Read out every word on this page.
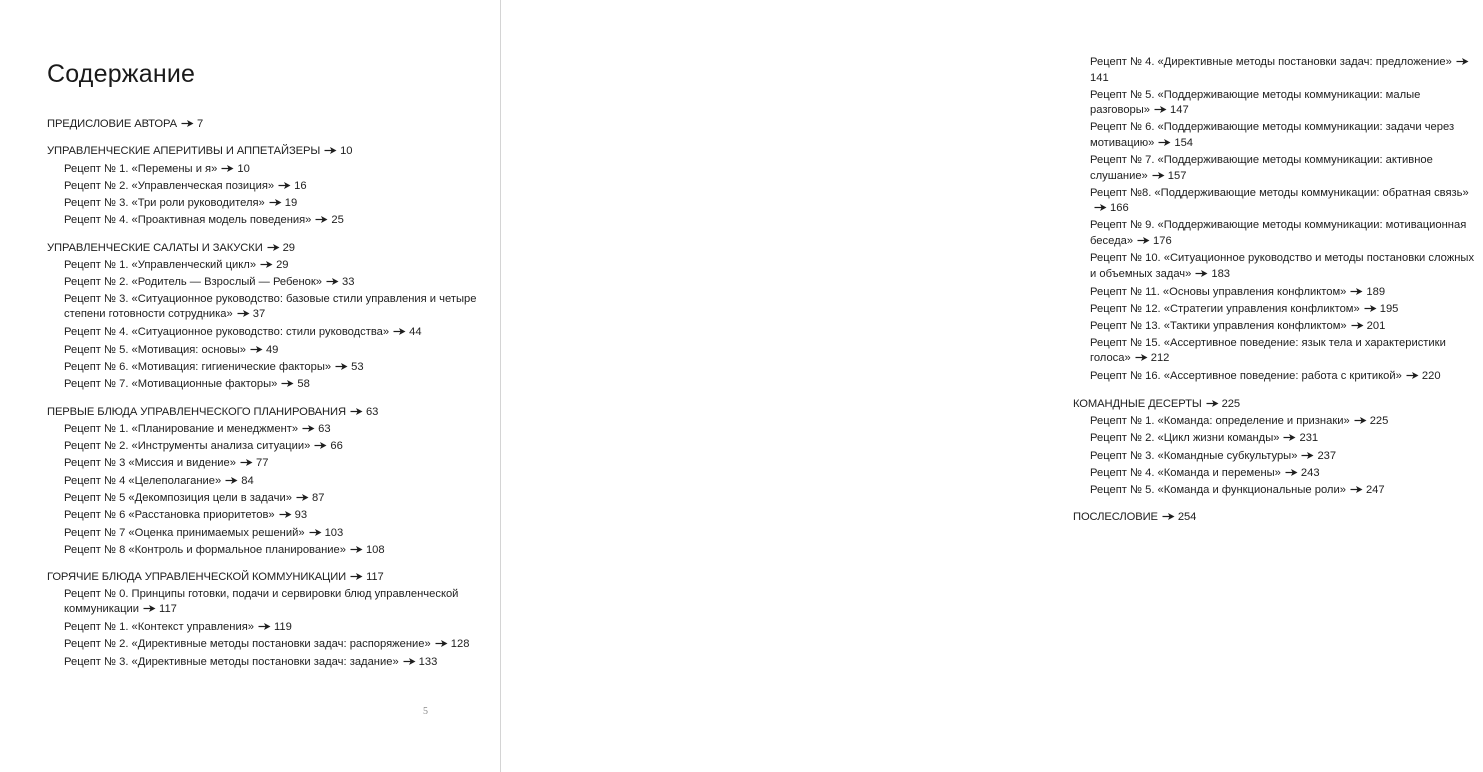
Содержание
ПРЕДИСЛОВИЕ АВТОРА 7
УПРАВЛЕНЧЕСКИЕ АПЕРИТИВЫ И АППЕТАЙЗЕРЫ 10
Рецепт № 1. «Перемены и я» 10
Рецепт № 2. «Управленческая позиция» 16
Рецепт № 3. «Три роли руководителя» 19
Рецепт № 4. «Проактивная модель поведения» 25
УПРАВЛЕНЧЕСКИЕ САЛАТЫ И ЗАКУСКИ 29
Рецепт № 1. «Управленческий цикл» 29
Рецепт № 2. «Родитель — Взрослый — Ребенок» 33
Рецепт № 3. «Ситуационное руководство: базовые стили управления и четыре степени готовности сотрудника» 37
Рецепт № 4. «Ситуационное руководство: стили руководства» 44
Рецепт № 5. «Мотивация: основы» 49
Рецепт № 6. «Мотивация: гигиенические факторы» 53
Рецепт № 7. «Мотивационные факторы» 58
ПЕРВЫЕ БЛЮДА УПРАВЛЕНЧЕСКОГО ПЛАНИРОВАНИЯ 63
Рецепт № 1. «Планирование и менеджмент» 63
Рецепт № 2. «Инструменты анализа ситуации» 66
Рецепт № 3 «Миссия и видение» 77
Рецепт № 4 «Целеполагание» 84
Рецепт № 5 «Декомпозиция цели в задачи» 87
Рецепт № 6 «Расстановка приоритетов» 93
Рецепт № 7 «Оценка принимаемых решений» 103
Рецепт № 8 «Контроль и формальное планирование» 108
ГОРЯЧИЕ БЛЮДА УПРАВЛЕНЧЕСКОЙ КОММУНИКАЦИИ 117
Рецепт № 0. Принципы готовки, подачи и сервировки блюд управленческой коммуникации 117
Рецепт № 1. «Контекст управления» 119
Рецепт № 2. «Директивные методы постановки задач: распоряжение» 128
Рецепт № 3. «Директивные методы постановки задач: задание» 133
5
Рецепт № 4. «Директивные методы постановки задач: предложение»141
Рецепт № 5. «Поддерживающие методы коммуникации: малые разговоры» 147
Рецепт № 6. «Поддерживающие методы коммуникации: задачи через мотивацию» 154
Рецепт № 7. «Поддерживающие методы коммуникации: активное слушание» 157
Рецепт №8. «Поддерживающие методы коммуникации: обратная связь»166
Рецепт № 9. «Поддерживающие методы коммуникации: мотивационная беседа» 176
Рецепт № 10. «Ситуационное руководство и методы постановки сложных и объемных задач» 183
Рецепт № 11. «Основы управления конфликтом» 189
Рецепт № 12. «Стратегии управления конфликтом» 195
Рецепт № 13. «Тактики управления конфликтом» 201
Рецепт № 15. «Ассертивное поведение: язык тела и характеристики голоса» 212
Рецепт № 16. «Ассертивное поведение: работа с критикой» 220
КОМАНДНЫЕ ДЕСЕРТЫ 225
Рецепт № 1. «Команда: определение и признаки» 225
Рецепт № 2. «Цикл жизни команды» 231
Рецепт № 3. «Командные субкультуры» 237
Рецепт № 4. «Команда и перемены» 243
Рецепт № 5. «Команда и функциональные роли» 247
ПОСЛЕСЛОВИЕ 254
